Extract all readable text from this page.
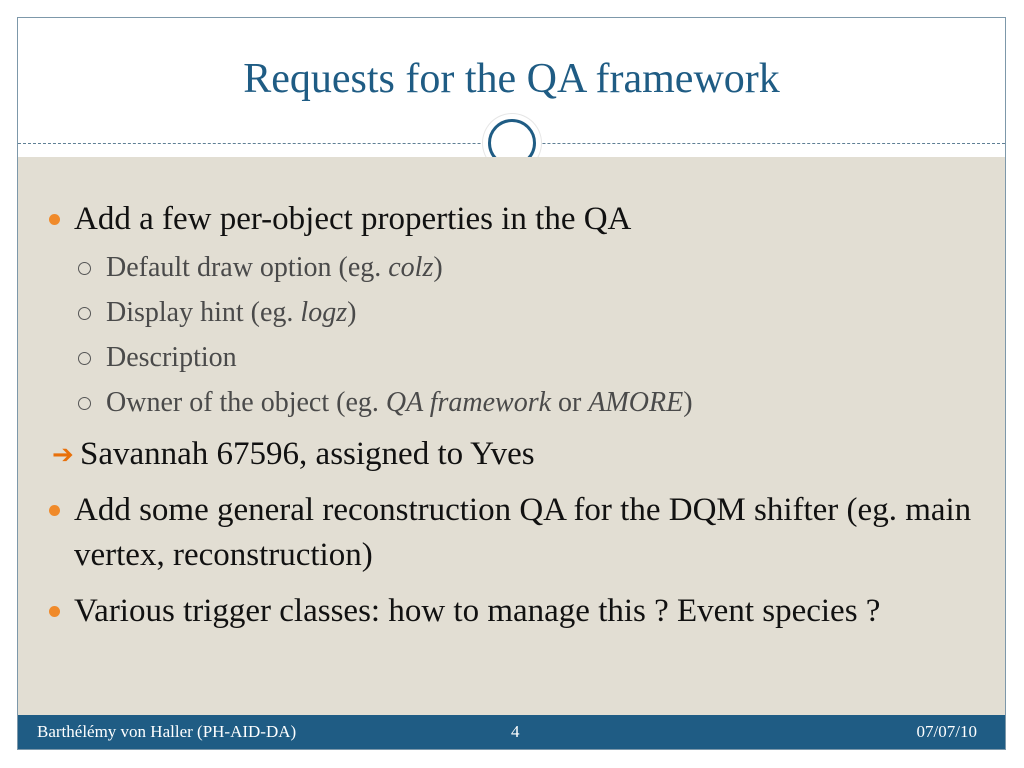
Requests for the QA framework
Add a few per-object properties in the QA
Default draw option (eg. colz)
Display hint (eg. logz)
Description
Owner of the object (eg. QA framework or AMORE)
➔ Savannah 67596, assigned to Yves
Add some general reconstruction QA for the DQM shifter (eg. main vertex, reconstruction)
Various trigger classes: how to manage this ? Event species ?
Barthélémy von Haller (PH-AID-DA)	4	07/07/10
